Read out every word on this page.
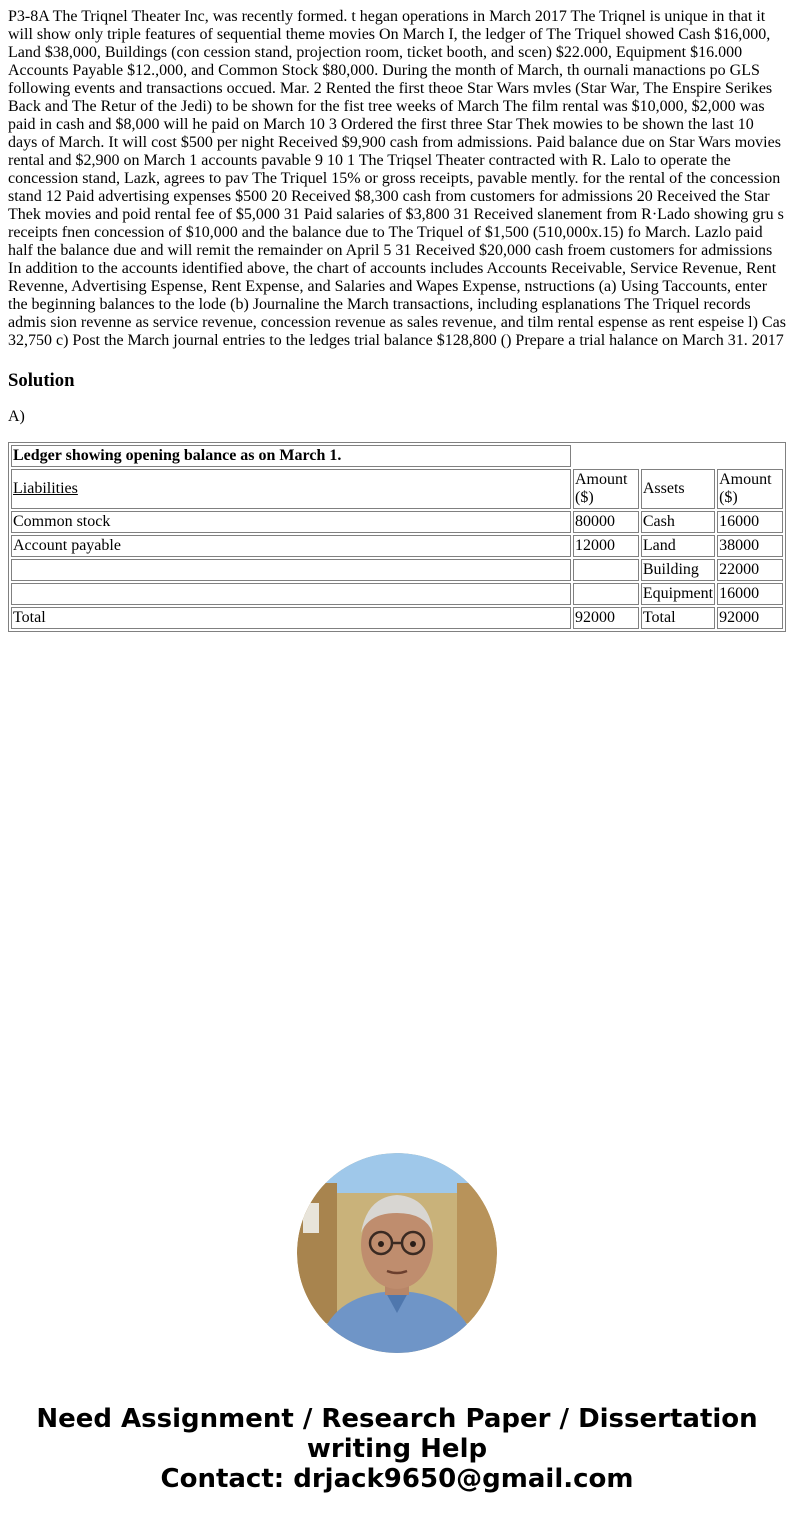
P3-8A The Triqnel Theater Inc, was recently formed. t hegan operations in March 2017 The Triqnel is unique in that it will show only triple features of sequential theme movies On March I, the ledger of The Triquel showed Cash $16,000, Land $38,000, Buildings (con cession stand, projection room, ticket booth, and scen) $22.000, Equipment $16.000 Accounts Payable $12.,000, and Common Stock $80,000. During the month of March, th ournali manactions po GLS following events and transactions occued. Mar. 2 Rented the first theoe Star Wars mvles (Star War, The Enspire Serikes Back and The Retur of the Jedi) to be shown for the fist tree weeks of March The film rental was $10,000, $2,000 was paid in cash and $8,000 will he paid on March 10 3 Ordered the first three Star Thek mowies to be shown the last 10 days of March. It will cost $500 per night Received $9,900 cash from admissions. Paid balance due on Star Wars movies rental and $2,900 on March 1 accounts pavable 9 10 1 The Triqsel Theater contracted with R. Lalo to operate the concession stand, Lazk, agrees to pav The Triquel 15% or gross receipts, pavable mently. for the rental of the concession stand 12 Paid advertising expenses $500 20 Received $8,300 cash from customers for admissions 20 Received the Star Thek movies and poid rental fee of $5,000 31 Paid salaries of $3,800 31 Received slanement from R·Lado showing gru s receipts fnen concession of $10,000 and the balance due to The Triquel of $1,500 (510,000x.15) fo March. Lazlo paid half the balance due and will remit the remainder on April 5 31 Received $20,000 cash froem customers for admissions In addition to the accounts identified above, the chart of accounts includes Accounts Receivable, Service Revenue, Rent Revenne, Advertising Espense, Rent Expense, and Salaries and Wapes Expense, nstructions (a) Using Taccounts, enter the beginning balances to the lode (b) Journaline the March transactions, including esplanations The Triquel records admis sion revenne as service revenue, concession revenue as sales revenue, and tilm rental espense as rent espeise l) Cas 32,750 c) Post the March journal entries to the ledges trial balance $128,800 () Prepare a trial halance on March 31. 2017

Solution

A)

Ledger showing opening balance as on March 1.			
Liabilities	Amount ($)	Assets	Amount ($)
Common stock	80000	Cash	16000
Account payable	12000	Land	38000
		Building	22000
		Equipment	16000
Total	92000	Total	92000
Need Assignment / Research Paper / Dissertation
writing Help
Contact: drjack9650@gmail.com
